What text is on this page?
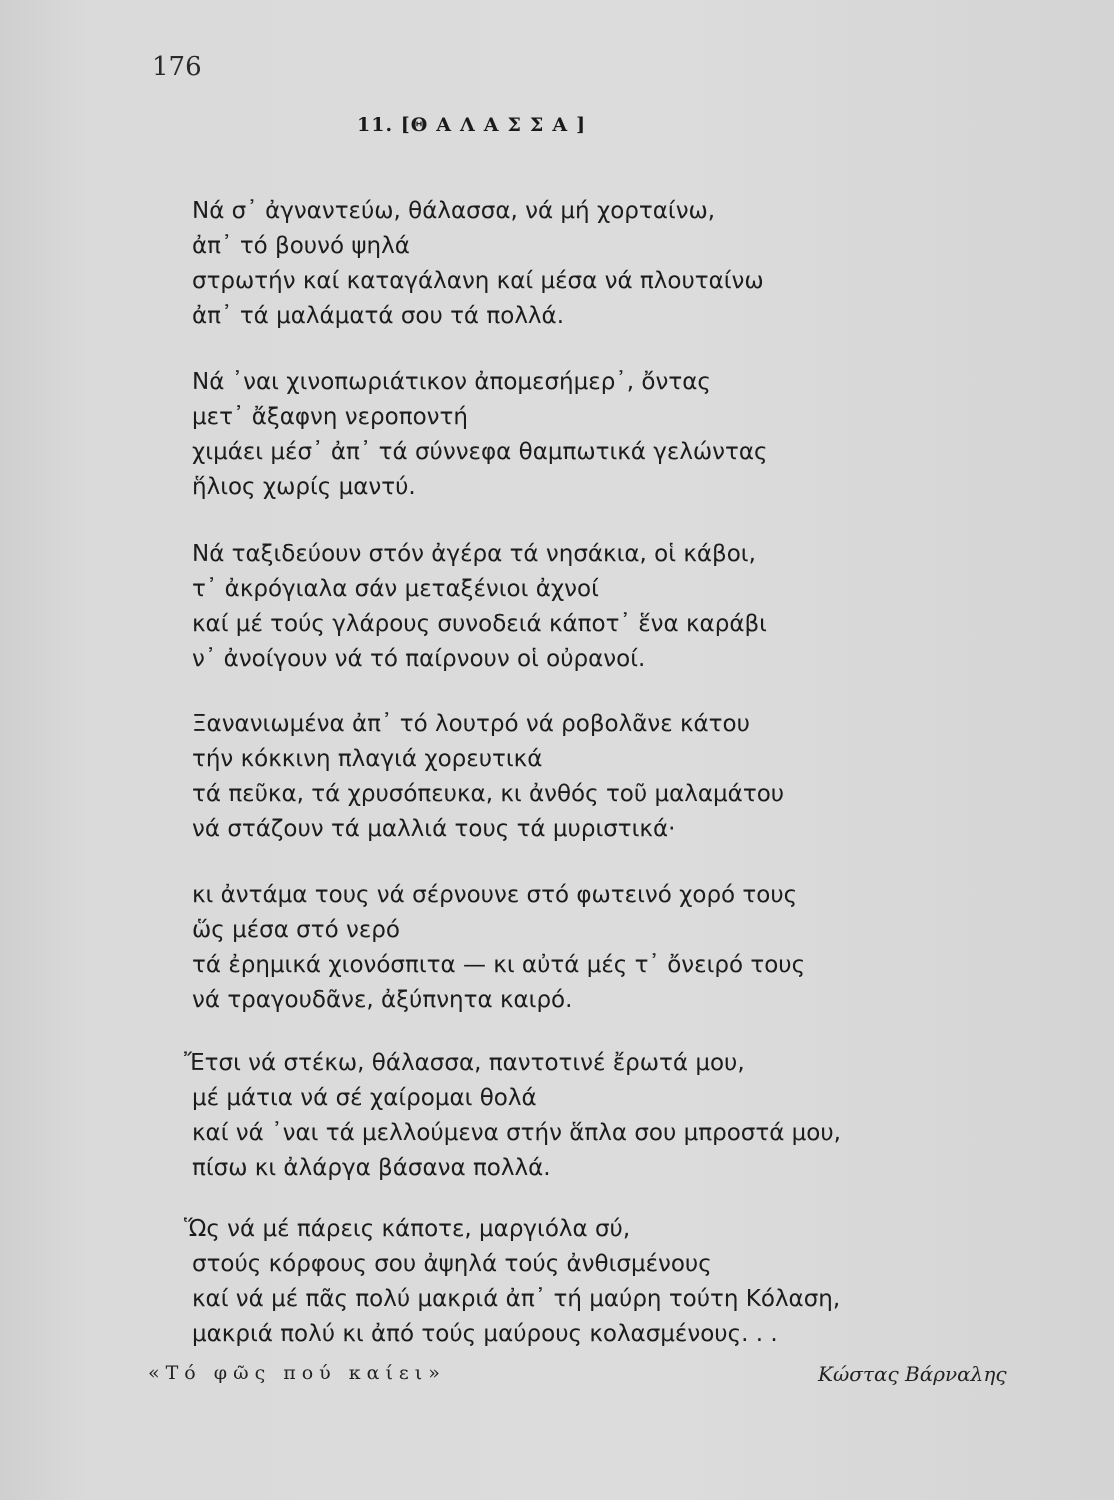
176
11. [ΘΑΛΑΣΣΑ]
Νά σ᾽ ἀγναντεύω, θάλασσα, νά μή χορταίνω,
ἀπ᾽ τό βουνό ψηλά
στρωτήν καί καταγάλανη καί μέσα νά πλουταίνω
ἀπ᾽ τά μαλάματά σου τά πολλά.
Νά ᾽ναι χινοπωριάτικον ἀπομεσήμερ᾽, ὄντας
μετ᾽ ἄξαφνη νεροποντή
χιμάει μέσ᾽ ἀπ᾽ τά σύννεφα θαμπωτικά γελώντας
ἥλιος χωρίς μαντύ.
Νά ταξιδεύουν στόν ἀγέρα τά νησάκια, οἱ κάβοι,
τ᾽ ἀκρόγιαλα σάν μεταξένιοι ἀχνοί
καί μέ τούς γλάρους συνοδειά κάποτ᾽ ἕνα καράβι
ν᾽ ἀνοίγουν νά τό παίρνουν οἱ οὐρανοί.
Ξανανιωμένα ἀπ᾽ τό λουτρό νά ροβολᾶνε κάτου
τήν κόκκινη πλαγιά χορευτικά
τά πεῦκα, τά χρυσόπευκα, κι ἀνθός τοῦ μαλαμάτου
νά στάζουν τά μαλλιά τους τά μυριστικά·
κι ἀντάμα τους νά σέρνουνε στό φωτεινό χορό τους
ὥς μέσα στό νερό
τά ἐρημικά χιονόσπιτα — κι αὐτά μές τ᾽ ὄνειρό τους
νά τραγουδᾶνε, ἀξύπνητα καιρό.
Ἔτσι νά στέκω, θάλασσα, παντοτινέ ἔρωτά μου,
μέ μάτια νά σέ χαίρομαι θολά
καί νά ᾽ναι τά μελλούμενα στήν ἅπλα σου μπροστά μου,
πίσω κι ἀλάργα βάσανα πολλά.
Ὥς νά μέ πάρεις κάποτε, μαργιόλα σύ,
στούς κόρφους σου ἀψηλά τούς ἀνθισμένους
καί νά μέ πᾶς πολύ μακριά ἀπ᾽ τή μαύρη τούτη Κόλαση,
μακριά πολύ κι ἀπό τούς μαύρους κολασμένους. . .
«Τό φῶς πού καίει»	Κώστας Βάρναλης
